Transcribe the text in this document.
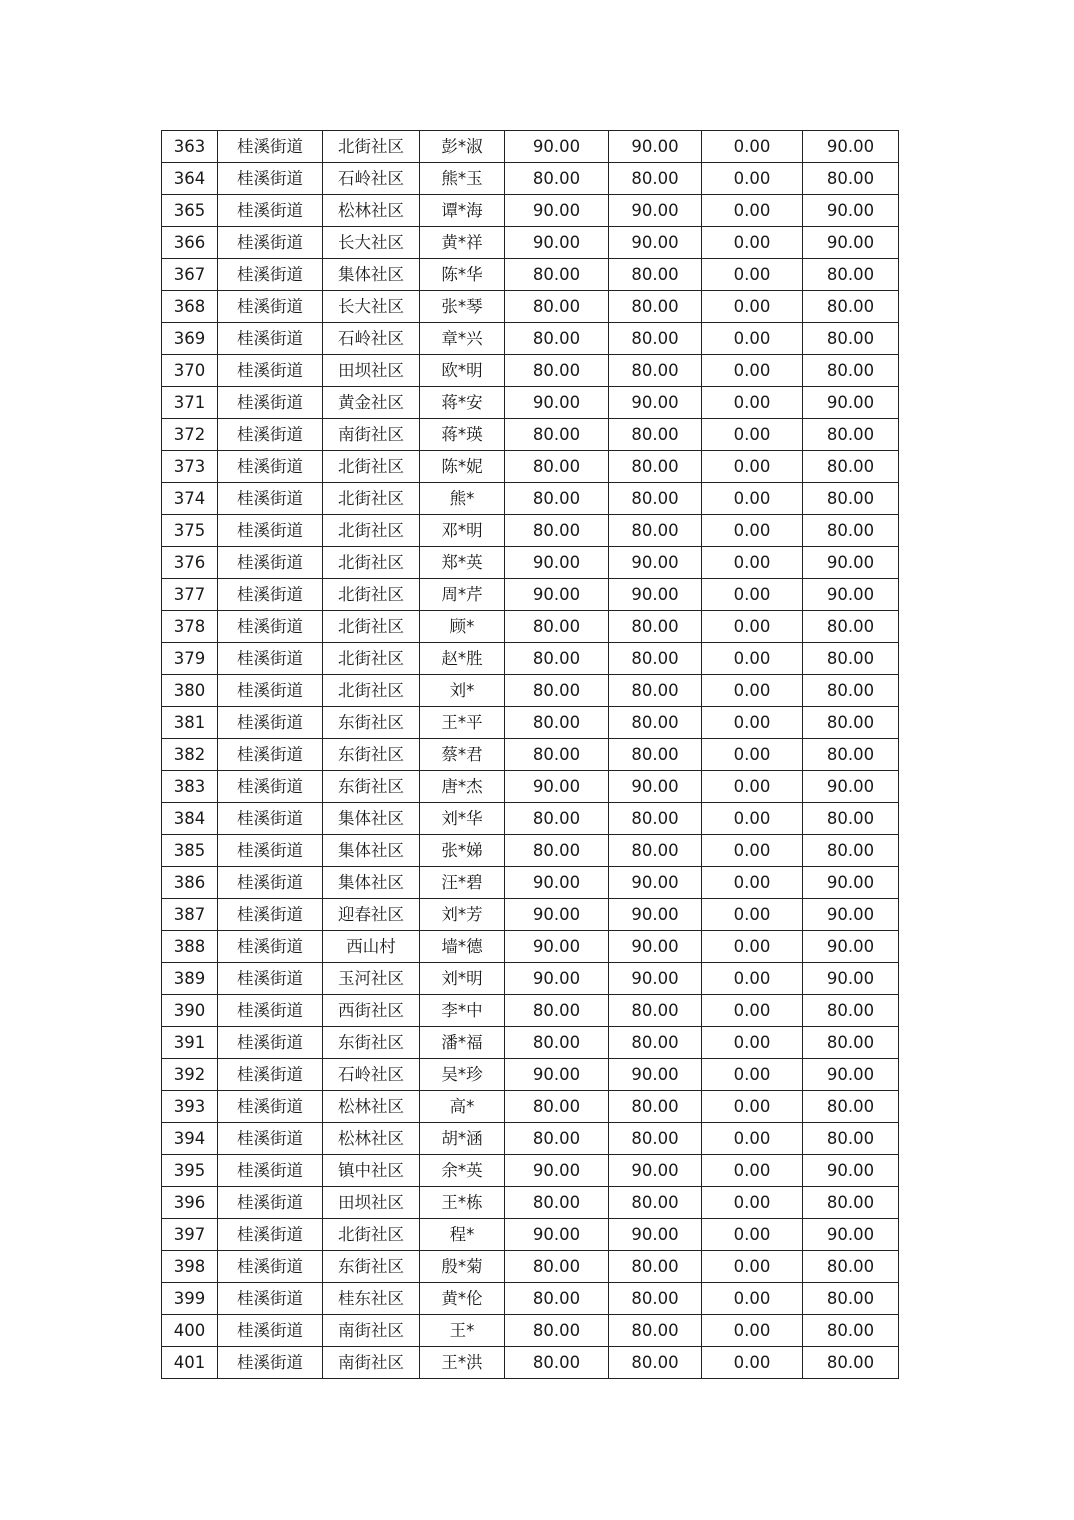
363	桂溪街道	北街社区	彭*淑	90.00	90.00	0.00	90.00
364	桂溪街道	石岭社区	熊*玉	80.00	80.00	0.00	80.00
365	桂溪街道	松林社区	谭*海	90.00	90.00	0.00	90.00
366	桂溪街道	长大社区	黄*祥	90.00	90.00	0.00	90.00
367	桂溪街道	集体社区	陈*华	80.00	80.00	0.00	80.00
368	桂溪街道	长大社区	张*琴	80.00	80.00	0.00	80.00
369	桂溪街道	石岭社区	章*兴	80.00	80.00	0.00	80.00
370	桂溪街道	田坝社区	欧*明	80.00	80.00	0.00	80.00
371	桂溪街道	黄金社区	蒋*安	90.00	90.00	0.00	90.00
372	桂溪街道	南街社区	蒋*瑛	80.00	80.00	0.00	80.00
373	桂溪街道	北街社区	陈*妮	80.00	80.00	0.00	80.00
374	桂溪街道	北街社区	熊*	80.00	80.00	0.00	80.00
375	桂溪街道	北街社区	邓*明	80.00	80.00	0.00	80.00
376	桂溪街道	北街社区	郑*英	90.00	90.00	0.00	90.00
377	桂溪街道	北街社区	周*芹	90.00	90.00	0.00	90.00
378	桂溪街道	北街社区	顾*	80.00	80.00	0.00	80.00
379	桂溪街道	北街社区	赵*胜	80.00	80.00	0.00	80.00
380	桂溪街道	北街社区	刘*	80.00	80.00	0.00	80.00
381	桂溪街道	东街社区	王*平	80.00	80.00	0.00	80.00
382	桂溪街道	东街社区	蔡*君	80.00	80.00	0.00	80.00
383	桂溪街道	东街社区	唐*杰	90.00	90.00	0.00	90.00
384	桂溪街道	集体社区	刘*华	80.00	80.00	0.00	80.00
385	桂溪街道	集体社区	张*娣	80.00	80.00	0.00	80.00
386	桂溪街道	集体社区	汪*碧	90.00	90.00	0.00	90.00
387	桂溪街道	迎春社区	刘*芳	90.00	90.00	0.00	90.00
388	桂溪街道	西山村	墙*德	90.00	90.00	0.00	90.00
389	桂溪街道	玉河社区	刘*明	90.00	90.00	0.00	90.00
390	桂溪街道	西街社区	李*中	80.00	80.00	0.00	80.00
391	桂溪街道	东街社区	潘*福	80.00	80.00	0.00	80.00
392	桂溪街道	石岭社区	吴*珍	90.00	90.00	0.00	90.00
393	桂溪街道	松林社区	高*	80.00	80.00	0.00	80.00
394	桂溪街道	松林社区	胡*涵	80.00	80.00	0.00	80.00
395	桂溪街道	镇中社区	余*英	90.00	90.00	0.00	90.00
396	桂溪街道	田坝社区	王*栋	80.00	80.00	0.00	80.00
397	桂溪街道	北街社区	程*	90.00	90.00	0.00	90.00
398	桂溪街道	东街社区	殷*菊	80.00	80.00	0.00	80.00
399	桂溪街道	桂东社区	黄*伦	80.00	80.00	0.00	80.00
400	桂溪街道	南街社区	王*	80.00	80.00	0.00	80.00
401	桂溪街道	南街社区	王*洪	80.00	80.00	0.00	80.00
